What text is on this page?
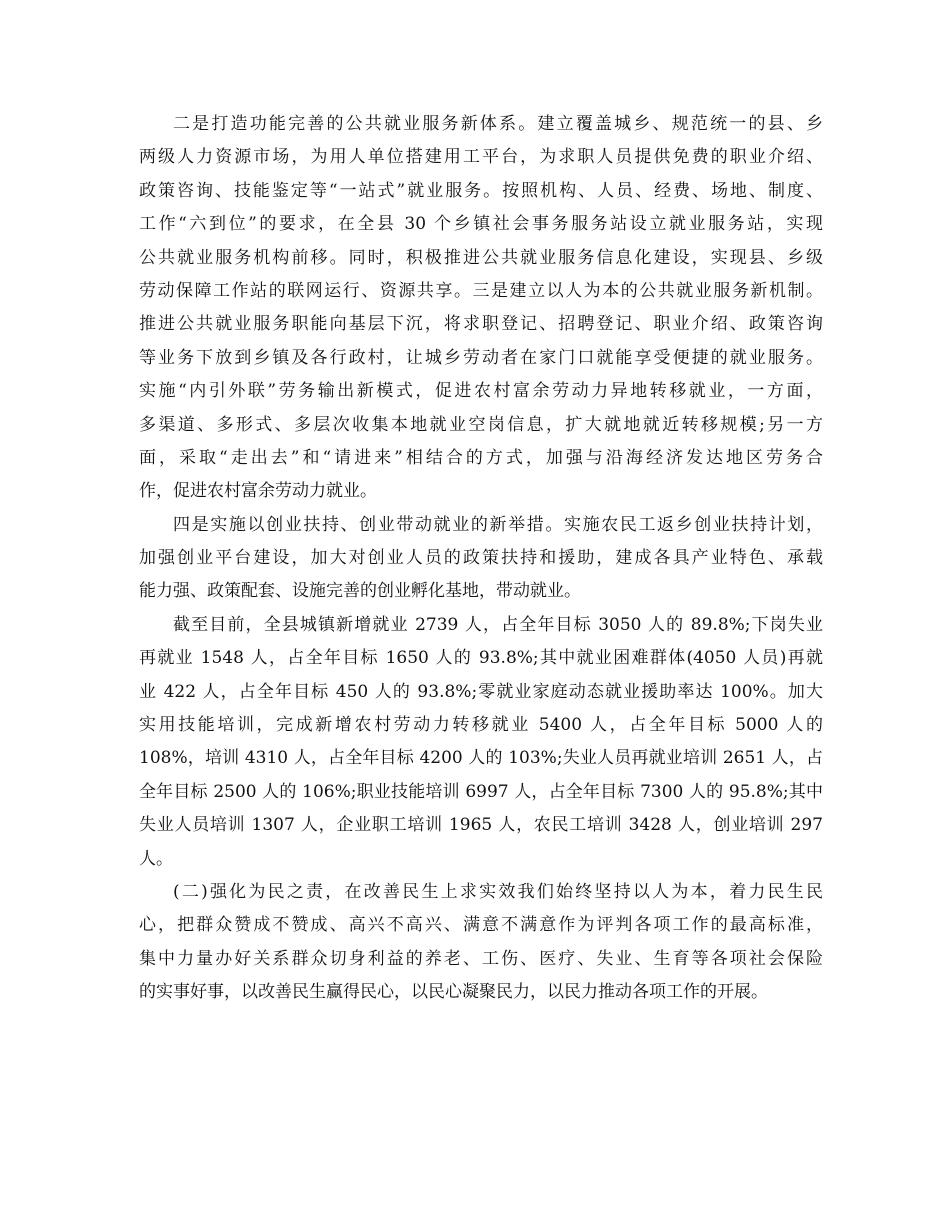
二是打造功能完善的公共就业服务新体系。建立覆盖城乡、规范统一的县、乡
两级人力资源市场，为用人单位搭建用工平台，为求职人员提供免费的职业介绍、
政策咨询、技能鉴定等“一站式”就业服务。按照机构、人员、经费、场地、制度、
工作“六到位”的要求，在全县 30 个乡镇社会事务服务站设立就业服务站，实现
公共就业服务机构前移。同时，积极推进公共就业服务信息化建设，实现县、乡级
劳动保障工作站的联网运行、资源共享。三是建立以人为本的公共就业服务新机制。
推进公共就业服务职能向基层下沉，将求职登记、招聘登记、职业介绍、政策咨询
等业务下放到乡镇及各行政村，让城乡劳动者在家门口就能享受便捷的就业服务。
实施“内引外联”劳务输出新模式，促进农村富余劳动力异地转移就业，一方面，
多渠道、多形式、多层次收集本地就业空岗信息，扩大就地就近转移规模;另一方
面，采取“走出去”和“请进来”相结合的方式，加强与沿海经济发达地区劳务合
作，促进农村富余劳动力就业。
四是实施以创业扶持、创业带动就业的新举措。实施农民工返乡创业扶持计划，
加强创业平台建设，加大对创业人员的政策扶持和援助，建成各具产业特色、承载
能力强、政策配套、设施完善的创业孵化基地，带动就业。
截至目前，全县城镇新增就业 2739 人，占全年目标 3050 人的 89.8%;下岗失业
再就业 1548 人，占全年目标 1650 人的 93.8%;其中就业困难群体(4050 人员)再就
业 422 人，占全年目标 450 人的 93.8%;零就业家庭动态就业援助率达 100%。加大
实用技能培训，完成新增农村劳动力转移就业 5400 人，占全年目标 5000 人的
108%，培训 4310 人，占全年目标 4200 人的 103%;失业人员再就业培训 2651 人，占
全年目标 2500 人的 106%;职业技能培训 6997 人，占全年目标 7300 人的 95.8%;其中
失业人员培训 1307 人，企业职工培训 1965 人，农民工培训 3428 人，创业培训 297
人。
(二)强化为民之责，在改善民生上求实效我们始终坚持以人为本，着力民生民
心，把群众赞成不赞成、高兴不高兴、满意不满意作为评判各项工作的最高标准，
集中力量办好关系群众切身利益的养老、工伤、医疗、失业、生育等各项社会保险
的实事好事，以改善民生赢得民心，以民心凝聚民力，以民力推动各项工作的开展。
